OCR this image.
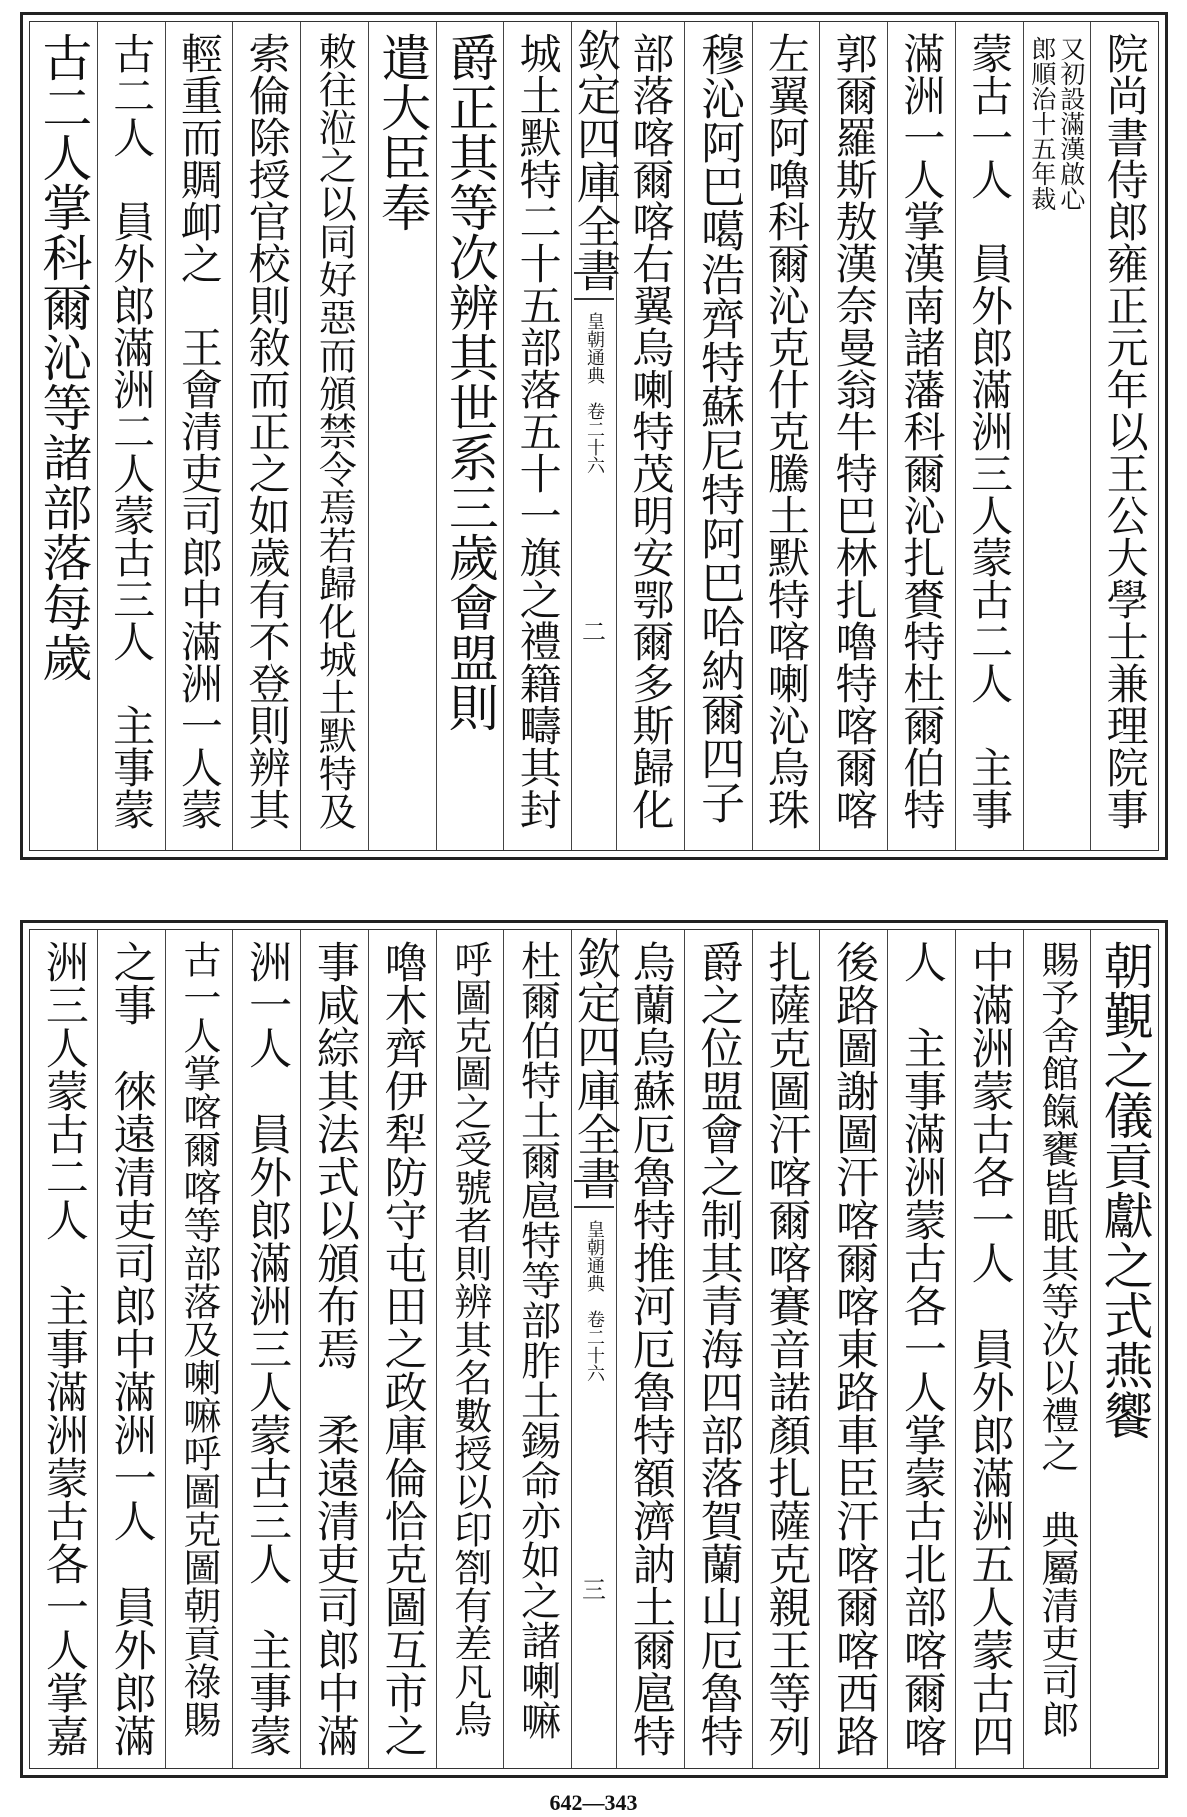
院尚書侍郎雍正元年以王公大學士兼理院事
又初設滿漢啟心
郎順治十五年裁
蒙古一人　員外郎滿洲三人蒙古二人　主事
滿洲一人掌漢南諸藩科爾沁扎賚特杜爾伯特
郭爾羅斯敖漢奈曼翁牛特巴林扎嚕特喀爾喀
左翼阿嚕科爾沁克什克騰土默特喀喇沁烏珠
穆沁阿巴噶浩齊特蘇尼特阿巴哈納爾四子
部落喀爾喀右翼烏喇特茂明安鄂爾多斯歸化
欽定四庫全書
皇朝通典
卷二十六
二
城土默特二十五部落五十一旗之禮籍疇其封
爵正其等次辨其世系三歲會盟則
遣大臣奉
敕往涖之以同好惡而頒禁令焉若歸化城土默特及
索倫除授官校則敘而正之如歲有不登則辨其
輕重而賙卹之　王會清吏司郎中滿洲一人蒙
古二人　員外郎滿洲二人蒙古三人　主事蒙
古二人掌科爾沁等諸部落每歲
朝覲之儀貢獻之式燕饗
賜予舍館餼饔皆眂其等次以禮之　典屬清吏司郎
中滿洲蒙古各一人　員外郎滿洲五人蒙古四
人　主事滿洲蒙古各一人掌蒙古北部喀爾喀
後路圖謝圖汗喀爾喀東路車臣汗喀爾喀西路
扎薩克圖汗喀爾喀賽音諾顏扎薩克親王等列
爵之位盟會之制其青海四部落賀蘭山厄魯特
烏蘭烏蘇厄魯特推河厄魯特額濟訥土爾扈特
欽定四庫全書
皇朝通典
卷二十六
三
杜爾伯特土爾扈特等部胙土錫命亦如之諸喇嘛
呼圖克圖之受號者則辨其名數授以印劄有差凡烏
嚕木齊伊犁防守屯田之政庫倫恰克圖互市之
事咸綜其法式以頒布焉　柔遠清吏司郎中滿
洲一人　員外郎滿洲三人蒙古三人　主事蒙
古一人掌喀爾喀等部落及喇嘛呼圖克圖朝貢祿賜
之事　徠遠清吏司郎中滿洲一人　員外郎滿
洲三人蒙古二人　主事滿洲蒙古各一人掌嘉
642—343
